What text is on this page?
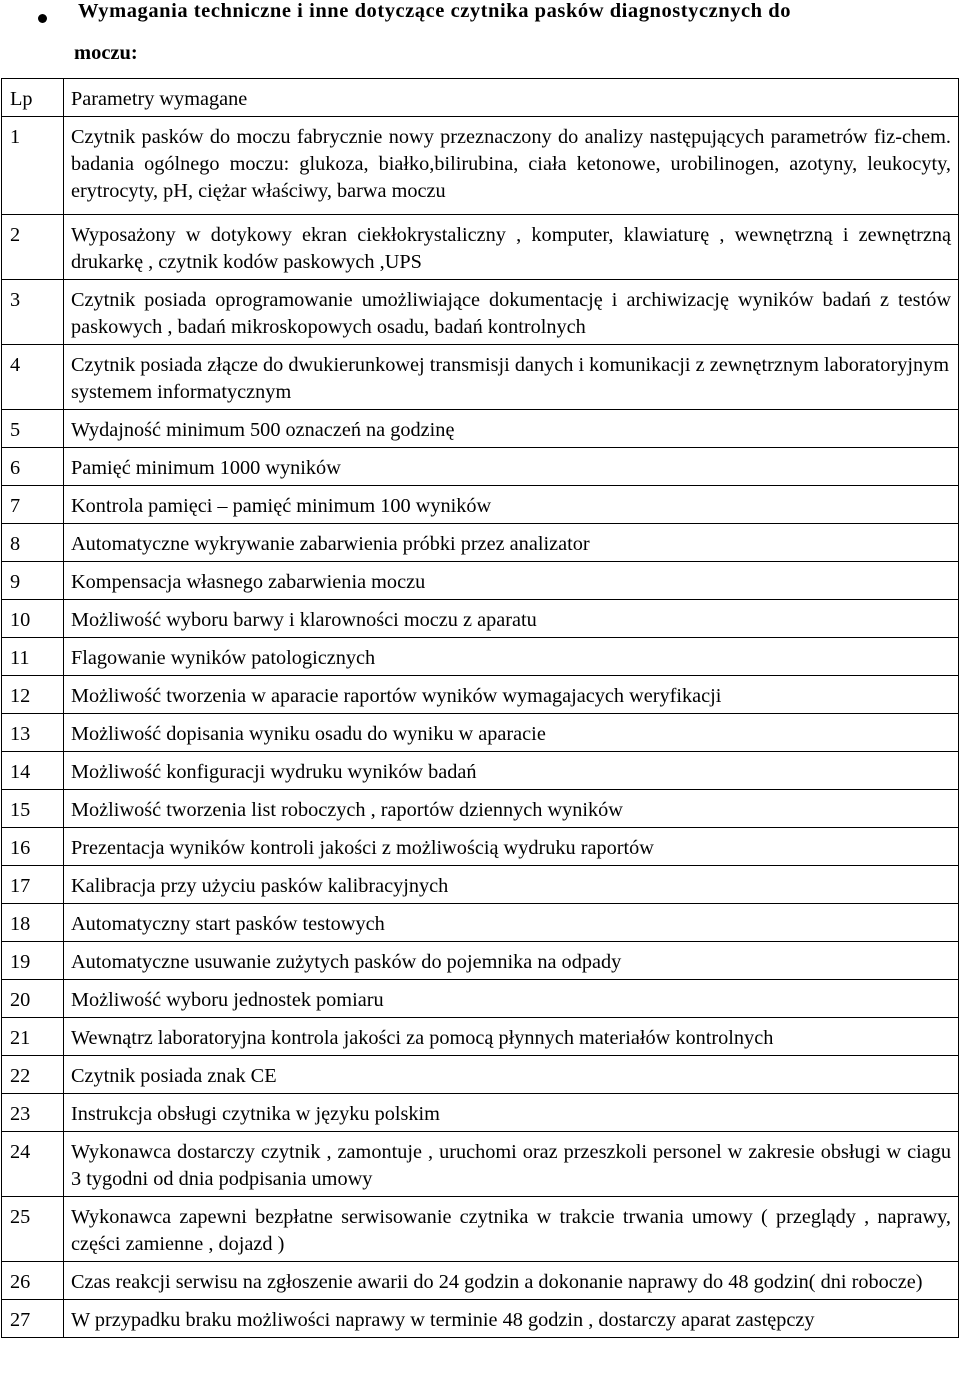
Wymagania techniczne i inne dotyczące czytnika pasków diagnostycznych do
moczu:
Lp	Parametry wymagane
1	Czytnik pasków do moczu fabrycznie nowy przeznaczony do analizy następujących parametrów fiz-chem. badania ogólnego moczu: glukoza, białko,bilirubina, ciała ketonowe, urobilinogen, azotyny, leukocyty, erytrocyty, pH, ciężar właściwy, barwa moczu
2	Wyposażony w dotykowy ekran ciekłokrystaliczny , komputer, klawiaturę , wewnętrzną i zewnętrzną drukarkę , czytnik kodów paskowych ,UPS
3	Czytnik posiada oprogramowanie umożliwiające dokumentację i archiwizację wyników badań z testów paskowych , badań mikroskopowych osadu, badań kontrolnych
4	Czytnik posiada złącze do dwukierunkowej transmisji danych i komunikacji z zewnętrznym laboratoryjnym systemem informatycznym
5	Wydajność minimum 500 oznaczeń na godzinę
6	Pamięć minimum 1000 wyników
7	Kontrola pamięci – pamięć minimum 100 wyników
8	Automatyczne wykrywanie zabarwienia próbki przez analizator
9	Kompensacja własnego zabarwienia moczu
10	Możliwość wyboru barwy i klarowności moczu z aparatu
11	Flagowanie wyników patologicznych
12	Możliwość tworzenia w aparacie raportów wyników wymagajacych weryfikacji
13	Możliwość dopisania wyniku osadu do wyniku w aparacie
14	Możliwość konfiguracji wydruku wyników badań
15	Możliwość tworzenia list roboczych , raportów dziennych wyników
16	Prezentacja wyników kontroli jakości z możliwością wydruku raportów
17	Kalibracja przy użyciu pasków kalibracyjnych
18	Automatyczny start pasków testowych
19	Automatyczne usuwanie zużytych pasków do pojemnika na odpady
20	Możliwość wyboru jednostek pomiaru
21	Wewnątrz laboratoryjna kontrola jakości za pomocą płynnych materiałów kontrolnych
22	Czytnik posiada znak CE
23	Instrukcja obsługi czytnika w języku polskim
24	Wykonawca dostarczy czytnik , zamontuje , uruchomi oraz przeszkoli personel w zakresie obsługi w ciagu 3 tygodni od dnia podpisania umowy
25	Wykonawca zapewni bezpłatne serwisowanie czytnika w trakcie trwania umowy ( przeglądy , naprawy, części zamienne , dojazd )
26	Czas reakcji serwisu na zgłoszenie awarii do 24 godzin a dokonanie naprawy do 48 godzin( dni robocze)
27	W przypadku braku możliwości naprawy w terminie 48 godzin , dostarczy aparat zastępczy
